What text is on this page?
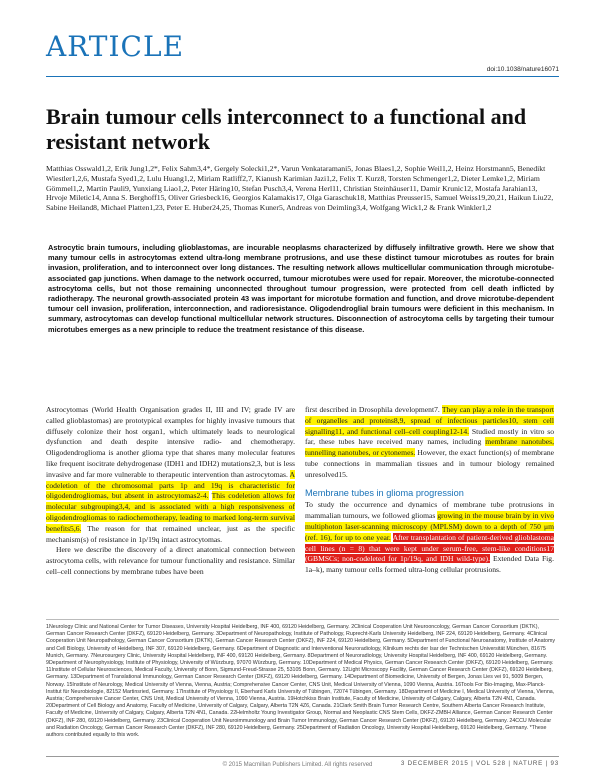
ARTICLE
doi:10.1038/nature16071
Brain tumour cells interconnect to a functional and resistant network
Matthias Osswald1,2, Erik Jung1,2*, Felix Sahm3,4*, Gergely Solecki1,2*, Varun Venkataramani5, Jonas Blaes1,2, Sophie Weil1,2, Heinz Horstmann5, Benedikt Wiestler1,2,6, Mustafa Syed1,2, Lulu Huang1,2, Miriam Ratliff2,7, Kianush Karimian Jazi1,2, Felix T. Kurz8, Torsten Schmenger1,2, Dieter Lemke1,2, Miriam Gömmel1,2, Martin Pauli9, Yunxiang Liao1,2, Peter Häring10, Stefan Pusch3,4, Verena Herl11, Christian Steinhäuser11, Damir Krunic12, Mostafa Jarahian13, Hrvoje Miletic14, Anna S. Berghoff15, Oliver Griesbeck16, Georgios Kalamakis17, Olga Garaschuk18, Matthias Preusser15, Samuel Weiss19,20,21, Haikun Liu22, Sabine Heiland8, Michael Platten1,23, Peter E. Huber24,25, Thomas Kuner5, Andreas von Deimling3,4, Wolfgang Wick1,2 & Frank Winkler1,2
Astrocytic brain tumours, including glioblastomas, are incurable neoplasms characterized by diffusely infiltrative growth. Here we show that many tumour cells in astrocytomas extend ultra-long membrane protrusions, and use these distinct tumour microtubes as routes for brain invasion, proliferation, and to interconnect over long distances. The resulting network allows multicellular communication through microtube-associated gap junctions. When damage to the network occurred, tumour microtubes were used for repair. Moreover, the microtube-connected astrocytoma cells, but not those remaining unconnected throughout tumour progression, were protected from cell death inflicted by radiotherapy. The neuronal growth-associated protein 43 was important for microtube formation and function, and drove microtube-dependent tumour cell invasion, proliferation, interconnection, and radioresistance. Oligodendroglial brain tumours were deficient in this mechanism. In summary, astrocytomas can develop functional multicellular network structures. Disconnection of astrocytoma cells by targeting their tumour microtubes emerges as a new principle to reduce the treatment resistance of this disease.

Astrocytomas (World Health Organisation grades II, III and IV; grade IV are called glioblastomas) are prototypical examples for highly invasive tumours that diffusely colonize their host organ1, which ultimately leads to neurological dysfunction and death despite intensive radio- and chemotherapy. Oligodendroglioma is another glioma type that shares many molecular features like frequent isocitrate dehydrogenase (IDH1 and IDH2) mutations2,3, but is less invasive and far more vulnerable to therapeutic intervention than astrocytomas. A codeletion of the chromosomal parts 1p and 19q is characteristic for oligodendrogliomas, but absent in astrocytomas2-4. This codeletion allows for molecular subgrouping3,4, and is associated with a high responsiveness of oligodendrogliomas to radiochemotherapy, leading to marked long-term survival benefits5,6. The reason for that remained unclear, just as the specific mechanism(s) of resistance in 1p/19q intact astrocytomas.

Here we describe the discovery of a direct anatomical connection between astrocytoma cells, with relevance for tumour functionality and resistance. Similar cell–cell connections by membrane tubes have been

first described in Drosophila development7. They can play a role in the transport of organelles and proteins8,9, spread of infectious particles10, stem cell signalling11, and functional cell–cell coupling12-14. Studied mostly in vitro so far, these tubes have received many names, including membrane nanotubes, tunnelling nanotubes, or cytonemes. However, the exact function(s) of membrane tube connections in mammalian tissues and in tumour biology remained unresolved15.

Membrane tubes in glioma progression

To study the occurrence and dynamics of membrane tube protrusions in mammalian tumours, we followed gliomas growing in the mouse brain by in vivo multiphoton laser-scanning microscopy (MPLSM) down to a depth of 750 μm (ref. 16), for up to one year. After transplantation of patient-derived glioblastoma cell lines (n = 8) that were kept under serum-free, stem-like conditions17 (GBMSCs; non-codeleted for 1p/19q, and IDH wild-type). Extended Data Fig. 1a–k), many tumour cells formed ultra-long cellular protrusions.

1Neurology Clinic and National Center for Tumor Diseases, University Hospital Heidelberg, INF 400, 69120 Heidelberg, Germany. 2Clinical Cooperation Unit Neurooncology, German Cancer Consortium (DKTK), German Cancer Research Center (DKFZ), 69120 Heidelberg, Germany. 3Department of Neuropathology, Institute of Pathology, Ruprecht-Karls University Heidelberg, INF 224, 69120 Heidelberg, Germany. 4Clinical Cooperation Unit Neuropathology, German Cancer Consortium (DKTK), German Cancer Research Center (DKFZ), INF 224, 69120 Heidelberg, Germany. 5Department of Functional Neuroanatomy, Institute of Anatomy and Cell Biology, University of Heidelberg, INF 307, 69120 Heidelberg, Germany. 6Department of Diagnostic and Interventional Neuroradiology, Klinikum rechts der Isar der Technischen Universität München, 81675 Munich, Germany. 7Neurosurgery Clinic, University Hospital Heidelberg, INF 400, 69120 Heidelberg, Germany. 8Department of Neuroradiology, University Hospital Heidelberg, INF 400, 69120 Heidelberg, Germany. 9Department of Neurophysiology, Institute of Physiology, University of Würzburg, 97070 Würzburg, Germany. 10Department of Medical Physics, German Cancer Research Center (DKFZ), 69120 Heidelberg, Germany. 11Institute of Cellular Neurosciences, Medical Faculty, University of Bonn, Sigmund-Freud-Strasse 25, 53105 Bonn, Germany. 12Light Microscopy Facility, German Cancer Research Center (DKFZ), 69120 Heidelberg, Germany. 13Department of Translational Immunology, German Cancer Research Center (DKFZ), 69120 Heidelberg, Germany. 14Department of Biomedicine, University of Bergen, Jonas Lies vei 91, 5009 Bergen, Norway. 15Institute of Neurology, Medical University of Vienna, Vienna, Austria; Comprehensive Cancer Center, CNS Unit, Medical University of Vienna, 1090 Vienna, Austria. 16Tools For Bio-Imaging, Max-Planck-Institut für Neurobiologie, 82152 Martinsried, Germany. 17Institute of Physiology II, Eberhard Karls University of Tübingen, 72074 Tübingen, Germany. 18Department of Medicine I, Medical University of Vienna, Vienna, Austria; Comprehensive Cancer Center, CNS Unit, Medical University of Vienna, 1090 Vienna, Austria. 19Hotchkiss Brain Institute, Faculty of Medicine, University of Calgary, Calgary, Alberta T2N 4N1, Canada. 20Department of Cell Biology and Anatomy, Faculty of Medicine, University of Calgary, Calgary, Alberta T2N 4Z6, Canada. 21Clark Smith Brain Tumor Research Centre, Southern Alberta Cancer Research Institute, Faculty of Medicine, University of Calgary, Calgary, Alberta T2N 4N1, Canada. 22Helmholtz Young Investigator Group, Normal and Neoplastic CNS Stem Cells, DKFZ-ZMBH Alliance, German Cancer Research Center (DKFZ), INF 280, 69120 Heidelberg, Germany. 23Clinical Cooperation Unit Neuroimmunology and Brain Tumor Immunology, German Cancer Research Center (DKFZ), 69120 Heidelberg, Germany. 24CCU Molecular and Radiation Oncology, German Cancer Research Center (DKFZ), INF 280, 69120 Heidelberg, Germany. 25Department of Radiation Oncology, University Hospital Heidelberg, 69120 Heidelberg, Germany. *These authors contributed equally to this work.
© 2015 Macmillan Publishers Limited. All rights reserved	3 DECEMBER 2015 | VOL 528 | NATURE | 93
